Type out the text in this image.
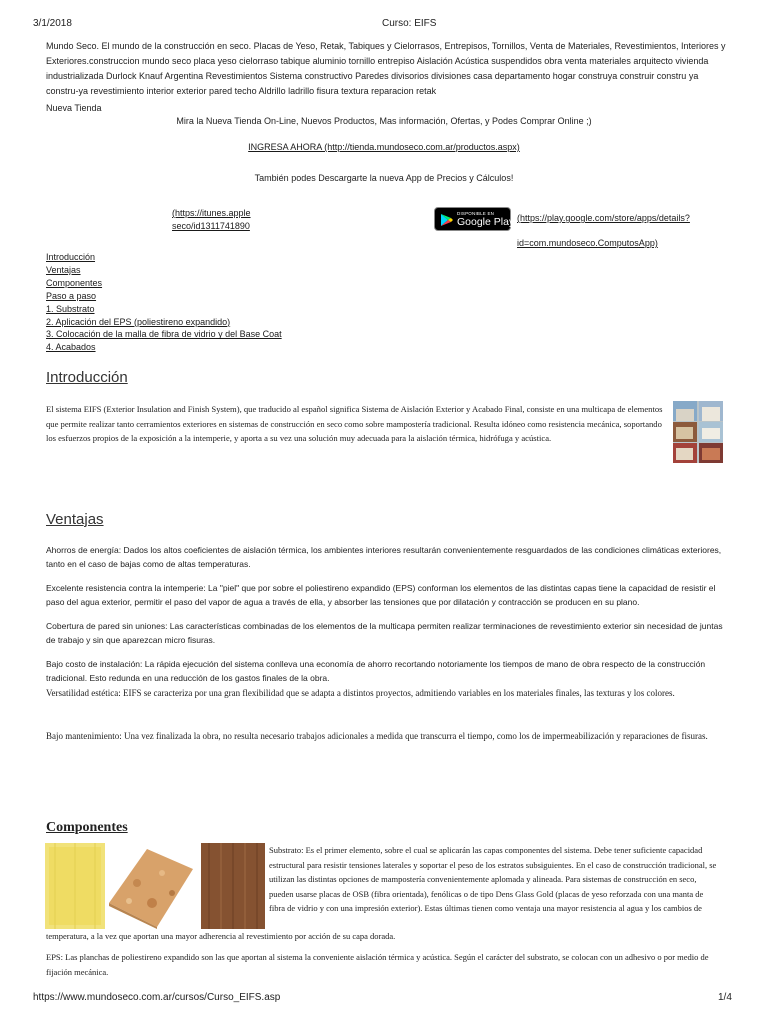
3/1/2018	Curso: EIFS
Mundo Seco. El mundo de la construcción en seco. Placas de Yeso, Retak, Tabiques y Cielorrasos, Entrepisos, Tornillos, Venta de Materiales, Revestimientos, Interiores y Exteriores.construccion mundo seco placa yeso cielorraso tabique aluminio tornillo entrepiso Aislación Acústica suspendidos obra venta materiales arquitecto vivienda industrializada Durlock Knauf Argentina Revestimientos Sistema constructivo Paredes divisorios divisiones casa departamento hogar construya construir constru ya constru-ya revestimiento interior exterior pared techo Aldrillo ladrillo fisura textura reparacion retak
Nueva Tienda
Mira la Nueva Tienda On-Line, Nuevos Productos, Mas información, Ofertas, y Podes Comprar Online ;)
INGRESA AHORA (http://tienda.mundoseco.com.ar/productos.aspx)
También podes Descargarte la nueva App de Precios y Cálculos!
(https://itunes.apple
seco/id1311741890
DISPONIBLE EN
Google Play (https://play.google.com/store/apps/details?
id=com.mundoseco.ComputosApp)
Introducción
Ventajas
Componentes
Paso a paso
1. Substrato
2. Aplicación del EPS (poliestireno expandido)
3. Colocación de la malla de fibra de vidrio y del Base Coat
4. Acabados
Introducción
El sistema EIFS (Exterior Insulation and Finish System), que traducido al español significa Sistema de Aislación Exterior y Acabado Final, consiste en una multicapa de elementos que permite realizar tanto cerramientos exteriores en sistemas de construcción en seco como sobre mampostería tradicional. Resulta idóneo como resistencia mecánica, soportando los esfuerzos propios de la exposición a la intemperie, y aporta a su vez una solución muy adecuada para la aislación térmica, hidrófuga y acústica.
Ventajas
Ahorros de energía: Dados los altos coeficientes de aislación térmica, los ambientes interiores resultarán convenientemente resguardados de las condiciones climáticas exteriores, tanto en el caso de bajas como de altas temperaturas.
Excelente resistencia contra la intemperie: La "piel" que por sobre el poliestireno expandido (EPS) conforman los elementos de las distintas capas tiene la capacidad de resistir el paso del agua exterior, permitir el paso del vapor de agua a través de ella, y absorber las tensiones que por dilatación y contracción se producen en su plano.
Cobertura de pared sin uniones: Las características combinadas de los elementos de la multicapa permiten realizar terminaciones de revestimiento exterior sin necesidad de juntas de trabajo y sin que aparezcan micro fisuras.
Bajo costo de instalación: La rápida ejecución del sistema conlleva una economía de ahorro recortando notoriamente los tiempos de mano de obra respecto de la construcción tradicional. Esto redunda en una reducción de los gastos finales de la obra.
Versatilidad estética: EIFS se caracteriza por una gran flexibilidad que se adapta a distintos proyectos, admitiendo variables en los materiales finales, las texturas y los colores.
Bajo mantenimiento: Una vez finalizada la obra, no resulta necesario trabajos adicionales a medida que transcurra el tiempo, como los de impermeabilización y reparaciones de fisuras.
Componentes
Substrato: Es el primer elemento, sobre el cual se aplicarán las capas componentes del sistema. Debe tener suficiente capacidad estructural para resistir tensiones laterales y soportar el peso de los estratos subsiguientes. En el caso de construcción tradicional, se utilizan las distintas opciones de mampostería convenientemente aplomada y alineada. Para sistemas de construcción en seco, pueden usarse placas de OSB (fibra orientada), fenólicas o de tipo Dens Glass Gold (placas de yeso reforzada con una manta de fibra de vidrio y con una impresión exterior). Estas últimas tienen como ventaja una mayor resistencia al agua y los cambios de
temperatura, a la vez que aportan una mayor adherencia al revestimiento por acción de su capa dorada.
EPS: Las planchas de poliestireno expandido son las que aportan al sistema la conveniente aislación térmica y acústica. Según el carácter del substrato, se colocan con un adhesivo o por medio de fijación mecánica.
https://www.mundoseco.com.ar/cursos/Curso_EIFS.asp	1/4
